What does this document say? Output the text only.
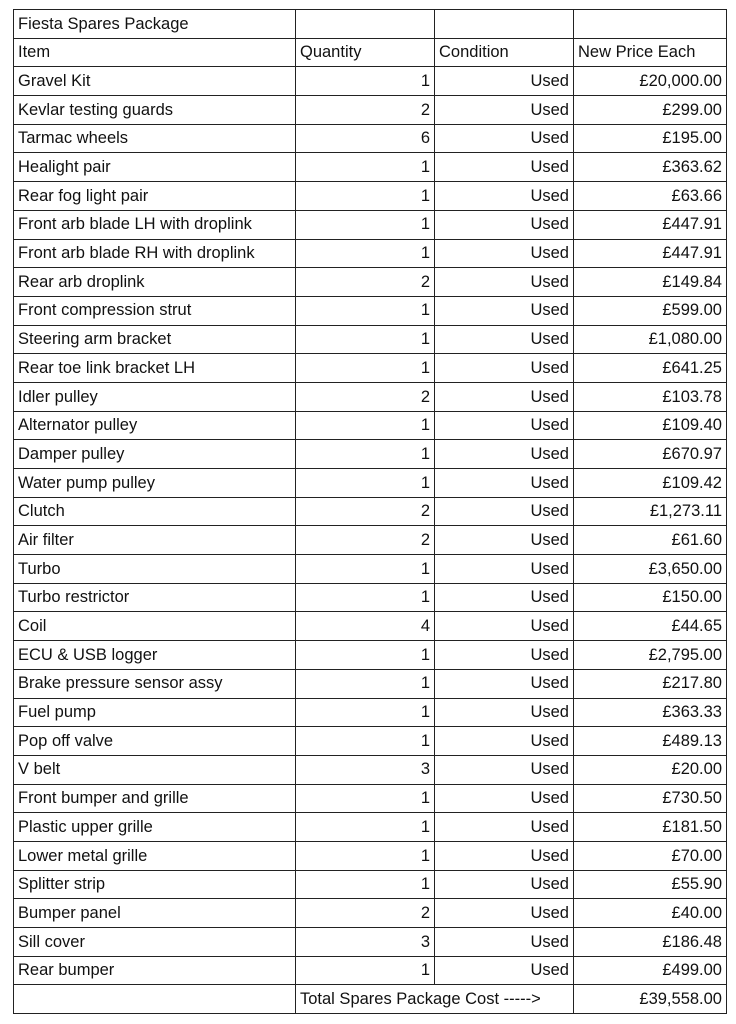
Fiesta Spares Package			
Item	Quantity	Condition	New Price Each
Gravel Kit	1	Used	£20,000.00
Kevlar testing guards	2	Used	£299.00
Tarmac wheels	6	Used	£195.00
Healight pair	1	Used	£363.62
Rear fog light pair	1	Used	£63.66
Front arb blade LH with droplink	1	Used	£447.91
Front arb blade RH with droplink	1	Used	£447.91
Rear arb droplink	2	Used	£149.84
Front compression strut	1	Used	£599.00
Steering arm bracket	1	Used	£1,080.00
Rear toe link bracket LH	1	Used	£641.25
Idler pulley	2	Used	£103.78
Alternator pulley	1	Used	£109.40
Damper pulley	1	Used	£670.97
Water pump pulley	1	Used	£109.42
Clutch	2	Used	£1,273.11
Air filter	2	Used	£61.60
Turbo	1	Used	£3,650.00
Turbo restrictor	1	Used	£150.00
Coil	4	Used	£44.65
ECU & USB logger	1	Used	£2,795.00
Brake pressure sensor assy	1	Used	£217.80
Fuel pump	1	Used	£363.33
Pop off valve	1	Used	£489.13
V belt	3	Used	£20.00
Front bumper and grille	1	Used	£730.50
Plastic upper grille	1	Used	£181.50
Lower metal grille	1	Used	£70.00
Splitter strip	1	Used	£55.90
Bumper panel	2	Used	£40.00
Sill cover	3	Used	£186.48
Rear bumper	1	Used	£499.00
	Total Spares Package Cost ----->		£39,558.00
